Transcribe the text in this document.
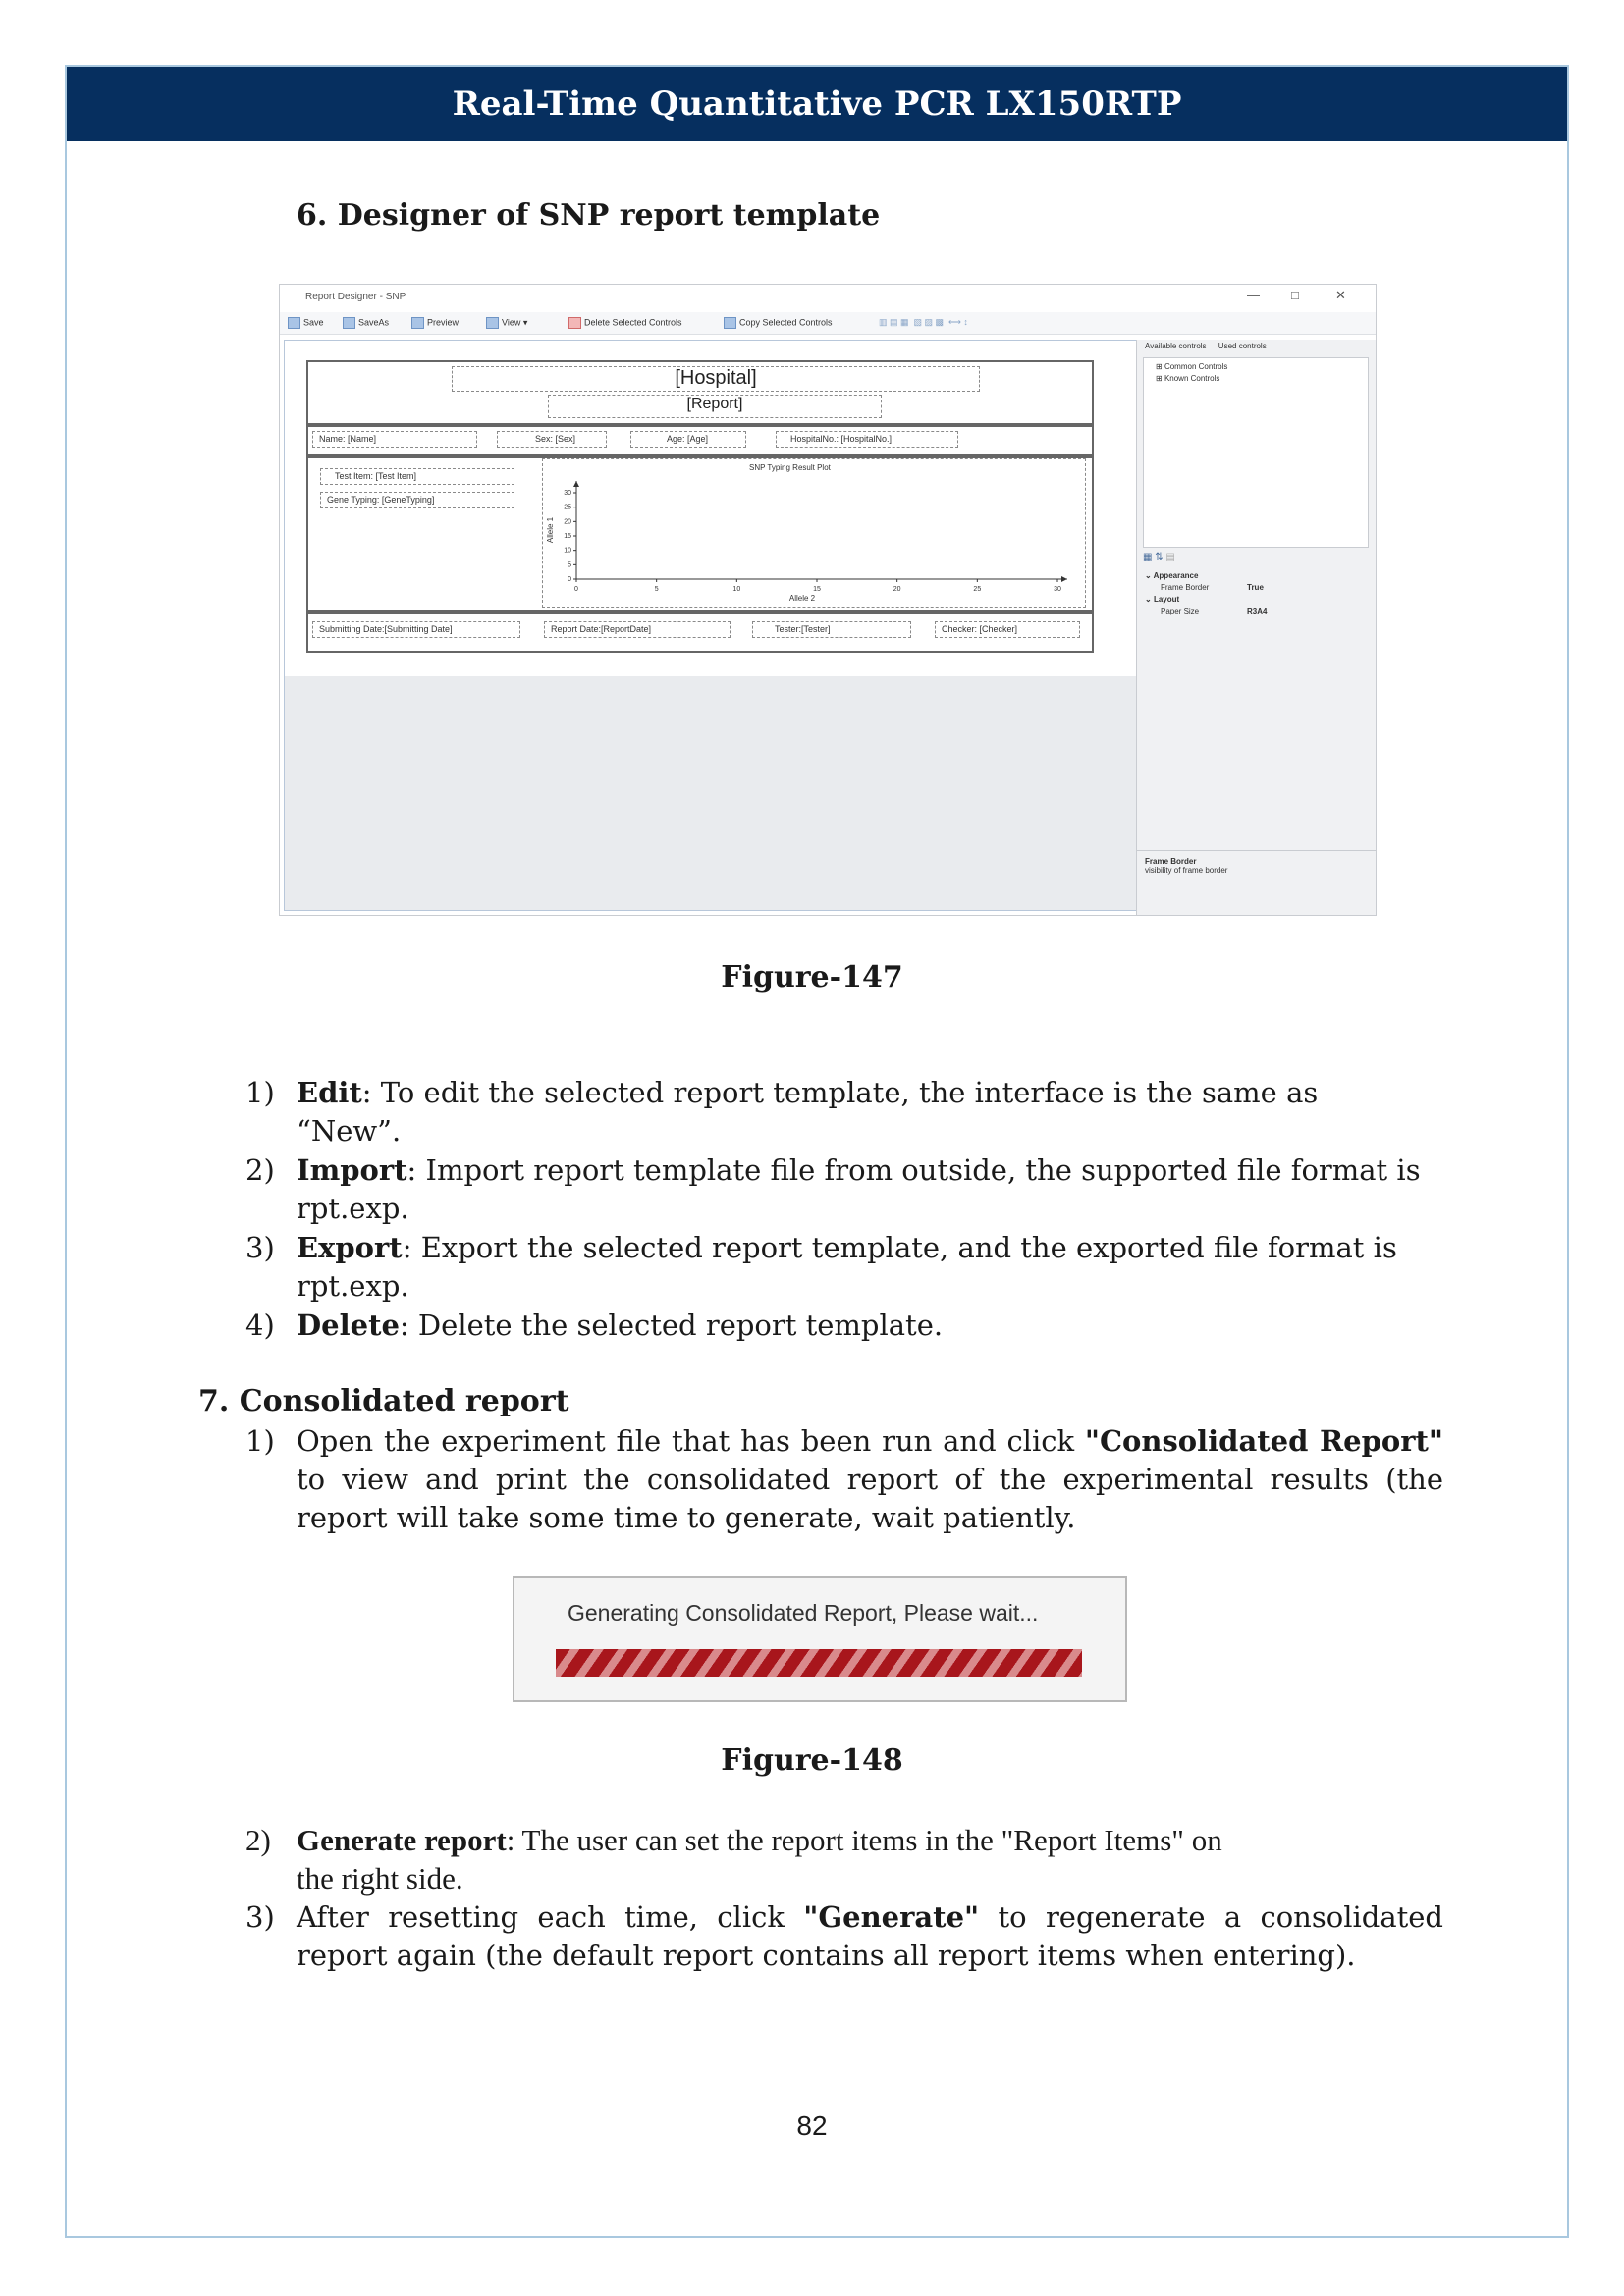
Real-Time Quantitative PCR LX150RTP
6. Designer of SNP report template
Report Designer - SNP	— □	✕
Save	SaveAs	Preview	View ▾	Delete Selected Controls	Copy Selected Controls	▥ ▤ ▦  ▧ ▨ ▩  ⟷ ↕
[Hospital]
[Report]
Name: [Name]	Sex: [Sex]	Age: [Age]	HospitalNo.: [HospitalNo.]
Test Item: [Test Item]
Gene Typing: [GeneTyping]
SNP Typing Result Plot
0	5	10	15	20	25	30
0
5
10
15
20
25
30
Allele 2
Allele 1
Submitting Date:[Submitting Date]	Report Date:[ReportDate]	Tester:[Tester]	Checker: [Checker]
Available controls Used controls
⊞ Common Controls
⊞ Known Controls
▦ ⇅ ▤
⌄ Appearance
Frame Border	True
⌄ Layout
Paper Size	R3A4
Frame Border
visibility of frame border
Figure-147
1) Edit: To edit the selected report template, the interface is the same as
“New”.
2) Import: Import report template file from outside, the supported file format is
rpt.exp.
3) Export: Export the selected report template, and the exported file format is
rpt.exp.
4) Delete: Delete the selected report template.
7. Consolidated report
1) Open the experiment file that has been run and click "Consolidated Report" to view and print the consolidated report of the experimental results (the report will take some time to generate, wait patiently.
Generating Consolidated Report, Please wait...
Figure-148
2) Generate report: The user can set the report items in the "Report Items" on
the right side.
3) After resetting each time, click "Generate" to regenerate a consolidated report again (the default report contains all report items when entering).
82
